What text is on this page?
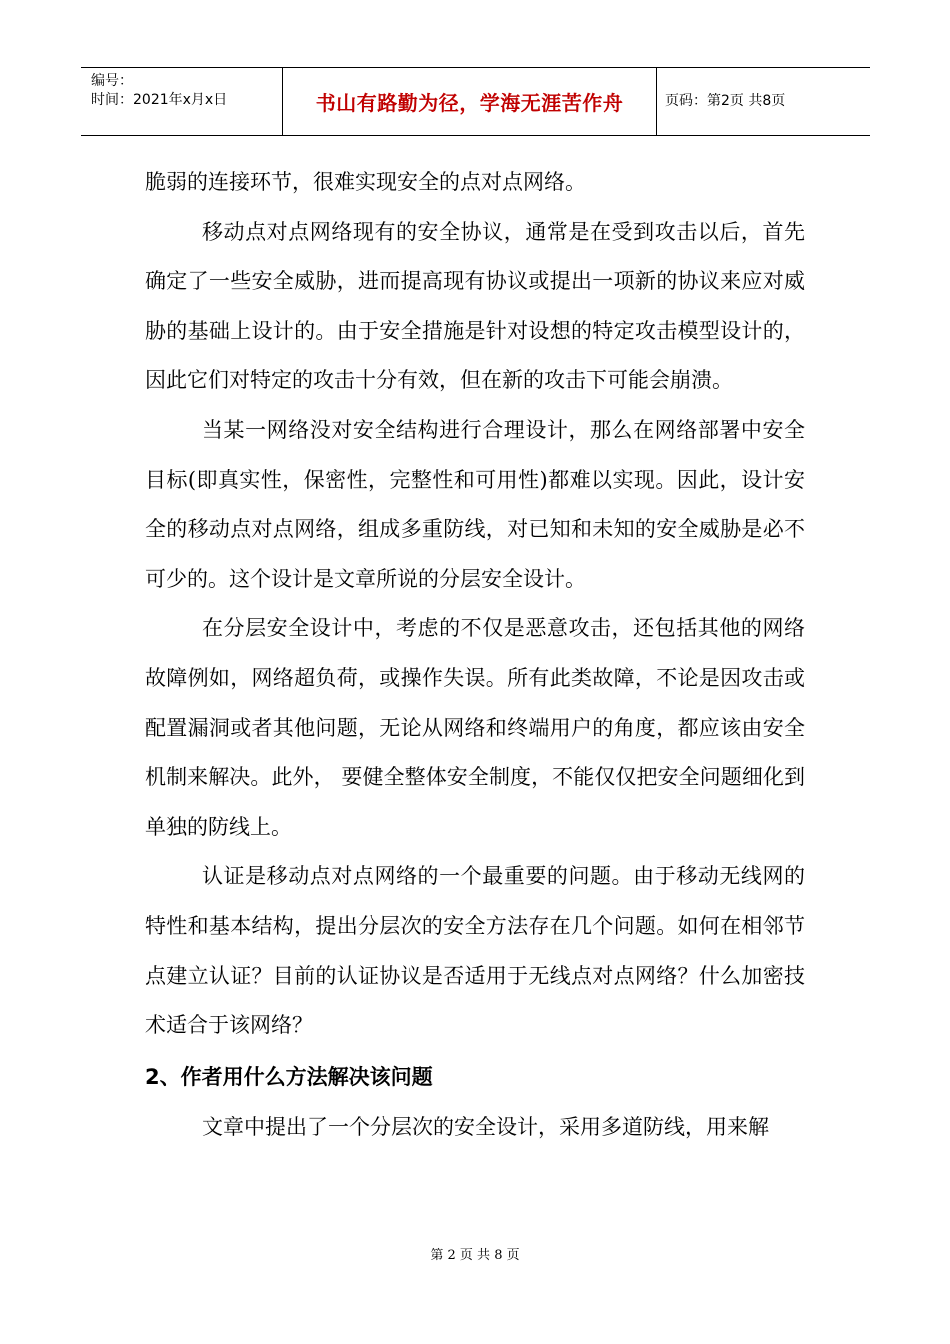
编号：
时间：2021年x月x日	书山有路勤为径，学海无涯苦作舟	页码：第2页 共8页

脆弱的连接环节，很难实现安全的点对点网络。

移动点对点网络现有的安全协议，通常是在受到攻击以后，首先确定了一些安全威胁，进而提高现有协议或提出一项新的协议来应对威胁的基础上设计的。由于安全措施是针对设想的特定攻击模型设计的，因此它们对特定的攻击十分有效，但在新的攻击下可能会崩溃。

当某一网络没对安全结构进行合理设计，那么在网络部署中安全目标(即真实性，保密性，完整性和可用性)都难以实现。因此，设计安全的移动点对点网络，组成多重防线，对已知和未知的安全威胁是必不可少的。这个设计是文章所说的分层安全设计。

在分层安全设计中，考虑的不仅是恶意攻击，还包括其他的网络故障例如，网络超负荷，或操作失误。所有此类故障，不论是因攻击或配置漏洞或者其他问题，无论从网络和终端用户的角度，都应该由安全机制来解决。此外， 要健全整体安全制度，不能仅仅把安全问题细化到单独的防线上。

认证是移动点对点网络的一个最重要的问题。由于移动无线网的特性和基本结构，提出分层次的安全方法存在几个问题。如何在相邻节点建立认证？目前的认证协议是否适用于无线点对点网络？什么加密技术适合于该网络？

2、作者用什么方法解决该问题

文章中提出了一个分层次的安全设计，采用多道防线，用来解

第 2 页 共 8 页
